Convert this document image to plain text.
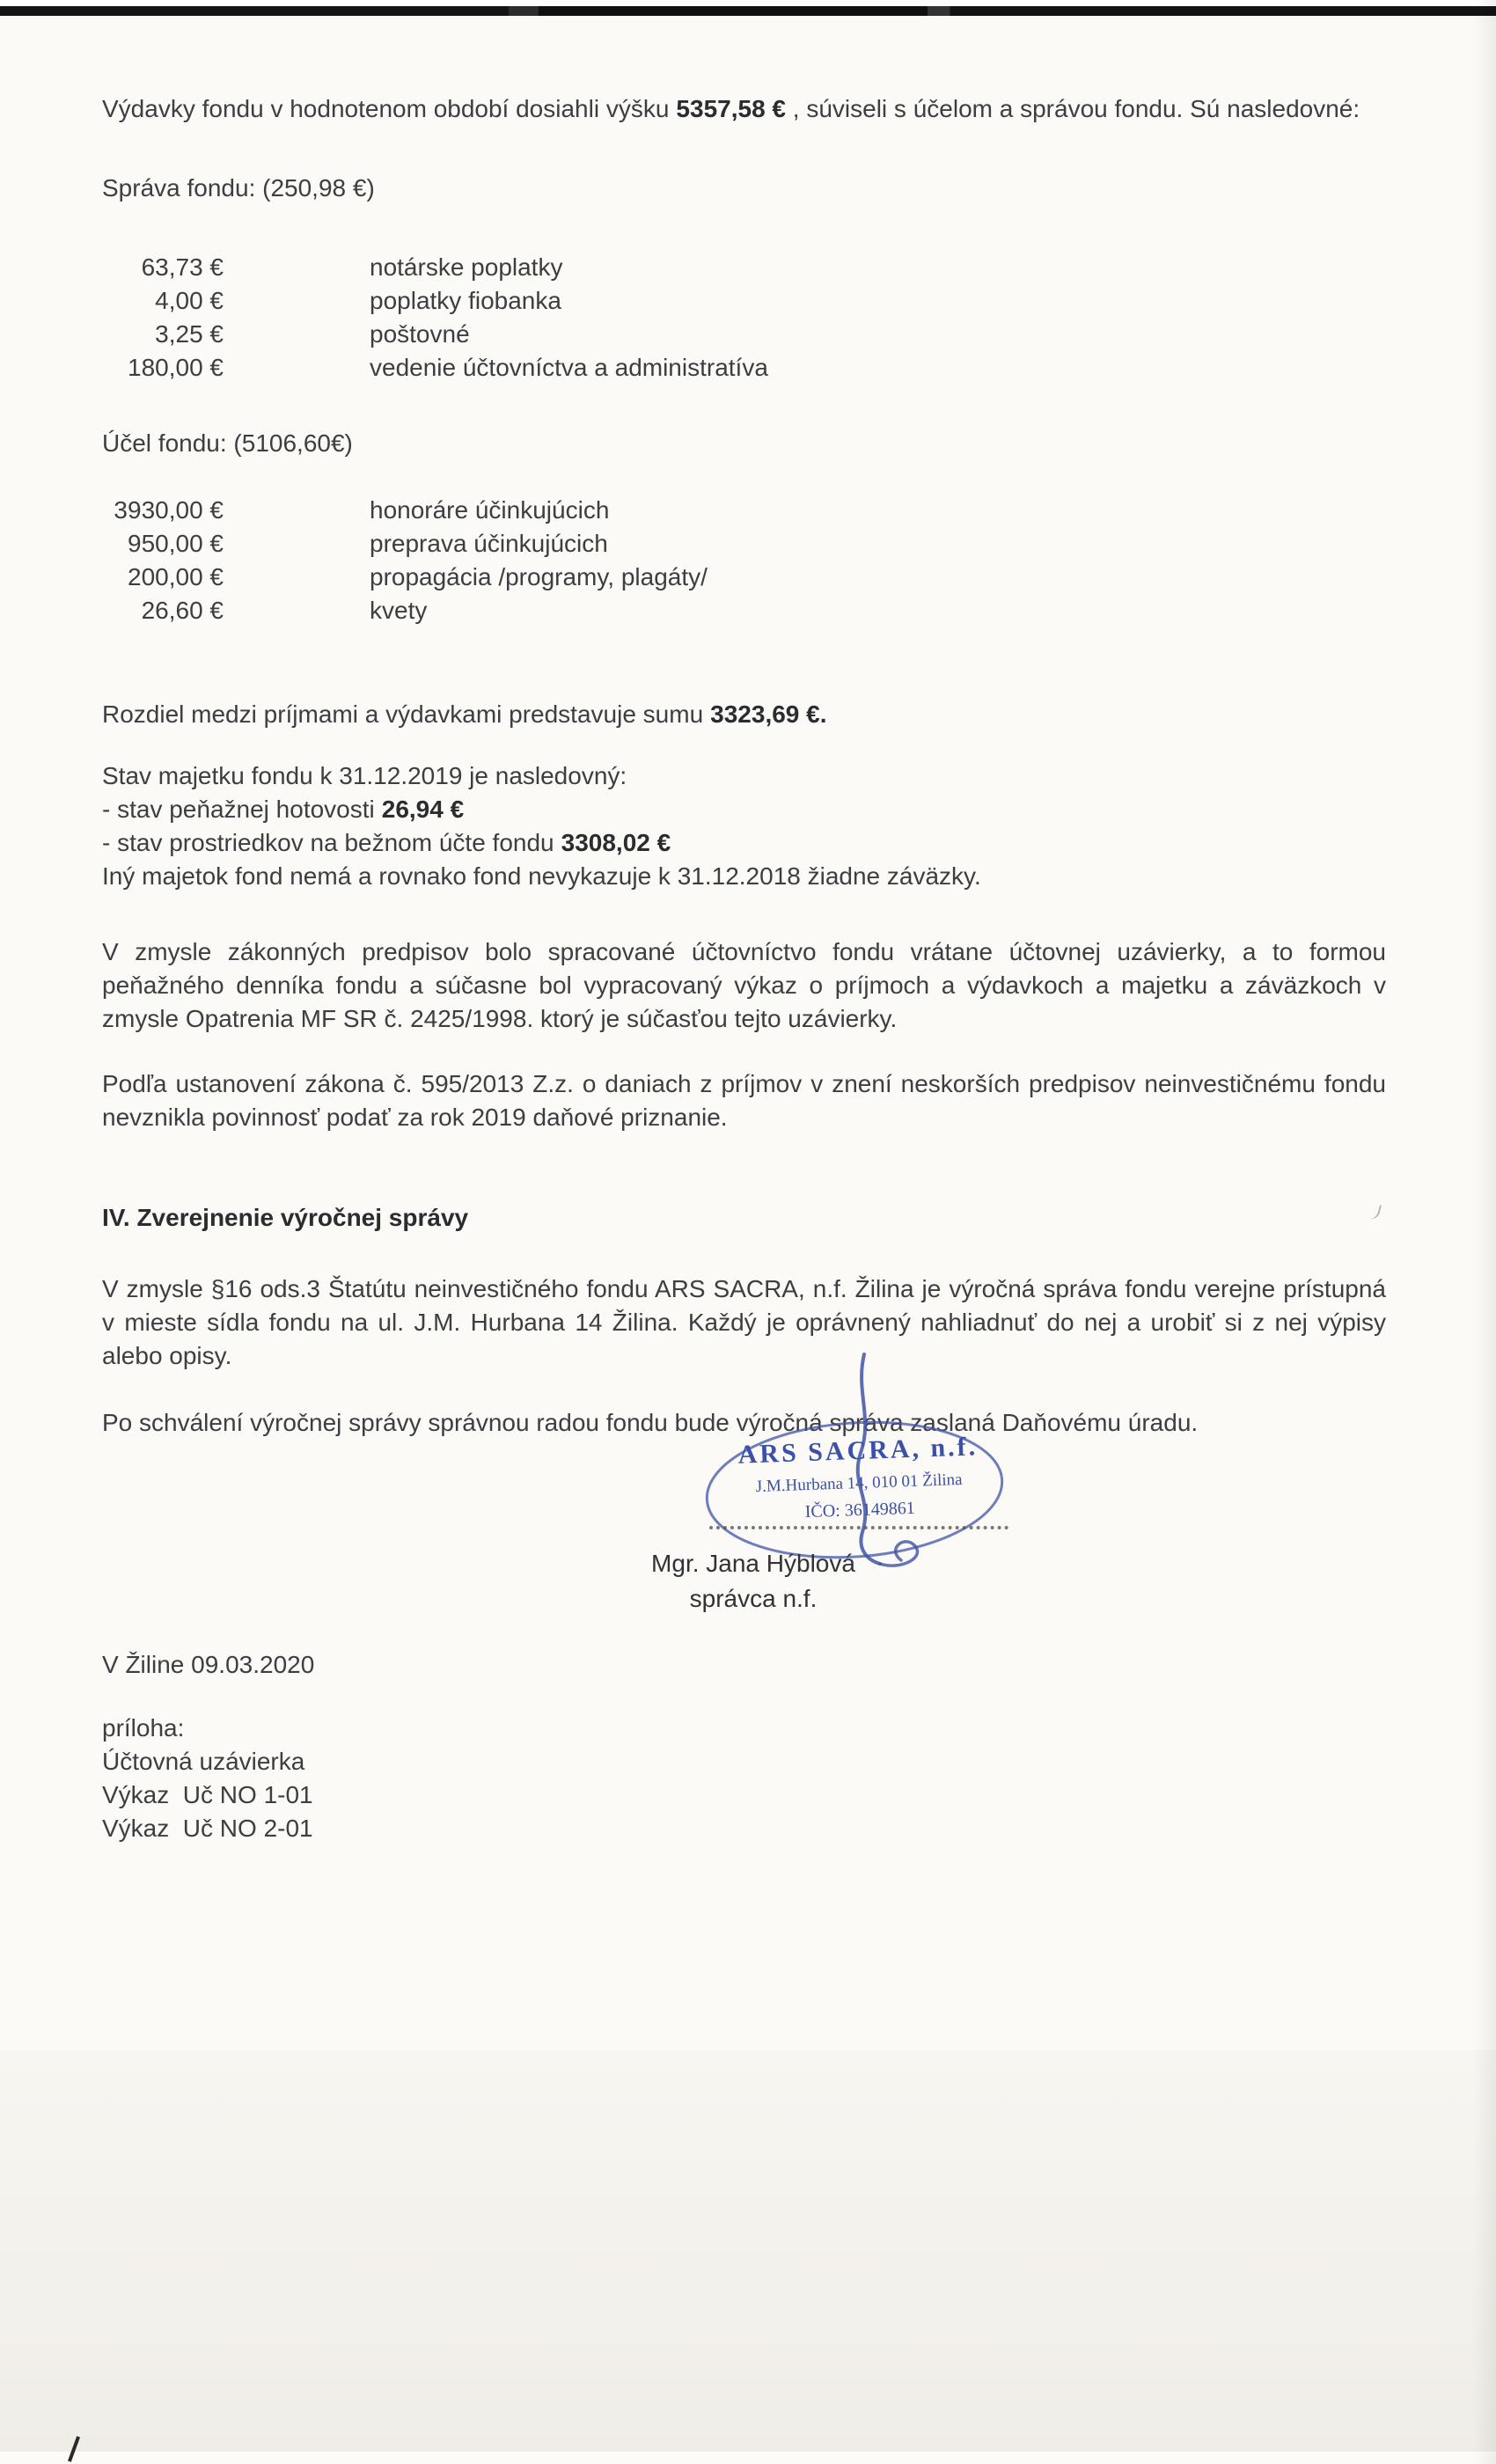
Výdavky fondu v hodnotenom období dosiahli výšku 5357,58 € , súviseli s účelom a správou fondu. Sú nasledovné:

Správa fondu: (250,98 €)

63,73 €	notárske poplatky
4,00 €	poplatky fiobanka
3,25 €	poštovné
180,00 €	vedenie účtovníctva a administratíva

Účel fondu: (5106,60€)

3930,00 €	honoráre účinkujúcich
950,00 €	preprava účinkujúcich
200,00 €	propagácia /programy, plagáty/
26,60 €	kvety

Rozdiel medzi príjmami a výdavkami predstavuje sumu 3323,69 €.

Stav majetku fondu k 31.12.2019 je nasledovný:

- stav peňažnej hotovosti 26,94 €

- stav prostriedkov na bežnom účte fondu 3308,02 €

Iný majetok fond nemá a rovnako fond nevykazuje k 31.12.2018 žiadne záväzky.

V zmysle zákonných predpisov bolo spracované účtovníctvo fondu vrátane účtovnej uzávierky, a to formou peňažného denníka fondu a súčasne bol vypracovaný výkaz o príjmoch a výdavkoch a majetku a záväzkoch v zmysle Opatrenia MF SR č. 2425/1998. ktorý je súčasťou tejto uzávierky.

Podľa ustanovení zákona č. 595/2013 Z.z. o daniach z príjmov v znení neskorších predpisov neinvestičnému fondu nevznikla povinnosť podať za rok 2019 daňové priznanie.

IV. Zverejnenie výročnej správy

V zmysle §16 ods.3 Štatútu neinvestičného fondu ARS SACRA, n.f. Žilina je výročná správa fondu verejne prístupná v mieste sídla fondu na ul. J.M. Hurbana 14 Žilina. Každý je oprávnený nahliadnuť do nej a urobiť si z nej výpisy alebo opisy.

Po schválení výročnej správy správnou radou fondu bude výročná správa zaslaná Daňovému úradu.

ARS SACRA, n.f.
J.M.Hurbana 14, 010 01 Žilina
IČO: 36149861
Mgr. Jana Hýblová
správca n.f.

V Žiline 09.03.2020

príloha:

Účtovná uzávierka

Výkaz  Uč NO 1-01

Výkaz  Uč NO 2-01
